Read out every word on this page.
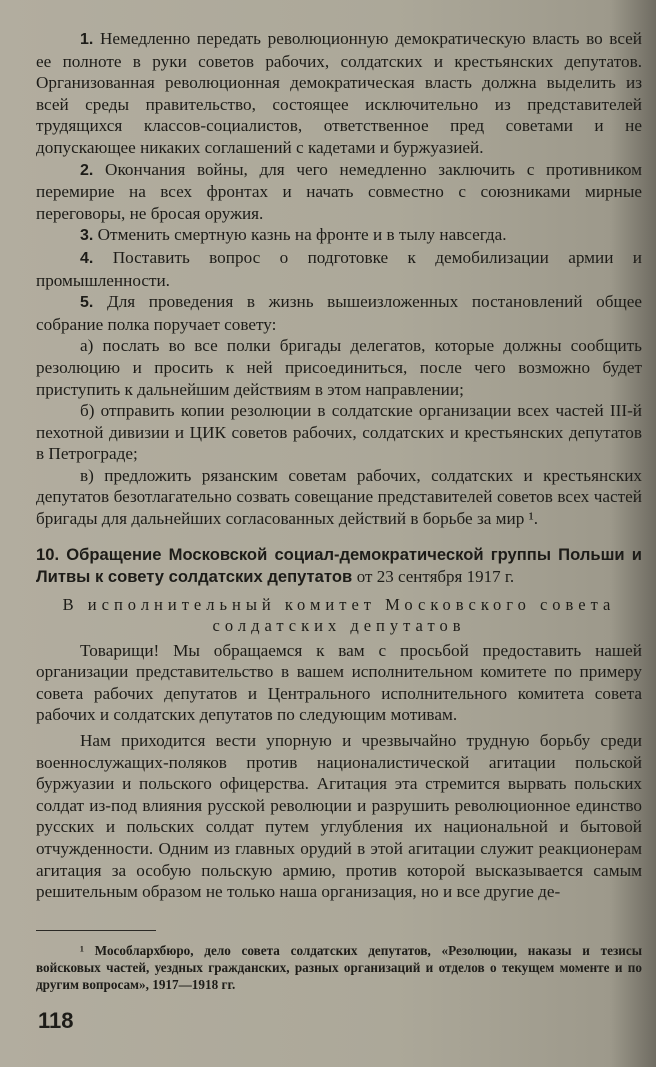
1. Немедленно передать революционную демократическую власть во всей ее полноте в руки советов рабочих, солдатских и крестьянских депутатов. Организованная революционная демократическая власть должна выделить из всей среды правительство, состоящее исключительно из представителей трудящихся классов-социалистов, ответственное пред советами и не допускающее никаких соглашений с кадетами и буржуазией.

2. Окончания войны, для чего немедленно заключить с противником перемирие на всех фронтах и начать совместно с союзниками мирные переговоры, не бросая оружия.

3. Отменить смертную казнь на фронте и в тылу навсегда.

4. Поставить вопрос о подготовке к демобилизации армии и промышленности.

5. Для проведения в жизнь вышеизложенных постановлений общее собрание полка поручает совету:

а) послать во все полки бригады делегатов, которые должны сообщить резолюцию и просить к ней присоединиться, после чего возможно будет приступить к дальнейшим действиям в этом направлении;

б) отправить копии резолюции в солдатские организации всех частей III-й пехотной дивизии и ЦИК советов рабочих, солдатских и крестьянских депутатов в Петрограде;

в) предложить рязанским советам рабочих, солдатских и крестьянских депутатов безотлагательно созвать совещание представителей советов всех частей бригады для дальнейших согласованных действий в борьбе за мир ¹.

10. Обращение Московской социал-демократической группы Польши и Литвы к совету солдатских депутатов от 23 сентября 1917 г.

В исполнительный комитет Московского совета солдатских депутатов

Товарищи! Мы обращаемся к вам с просьбой предоставить нашей организации представительство в вашем исполнительном комитете по примеру совета рабочих депутатов и Центрального исполнительного комитета совета рабочих и солдатских депутатов по следующим мотивам.

Нам приходится вести упорную и чрезвычайно трудную борьбу среди военнослужащих-поляков против националистической агитации польской буржуазии и польского офицерства. Агитация эта стремится вырвать польских солдат из-под влияния русской революции и разрушить революционное единство русских и польских солдат путем углубления их национальной и бытовой отчужденности. Одним из главных орудий в этой агитации служит реакционерам агитация за особую польскую армию, против которой высказывается самым решительным образом не только наша организация, но и все другие де-

¹ Мособлархбюро, дело совета солдатских депутатов, «Резолюции, наказы и тезисы войсковых частей, уездных гражданских, разных организаций и отделов о текущем моменте и по другим вопросам», 1917—1918 гг.

118
